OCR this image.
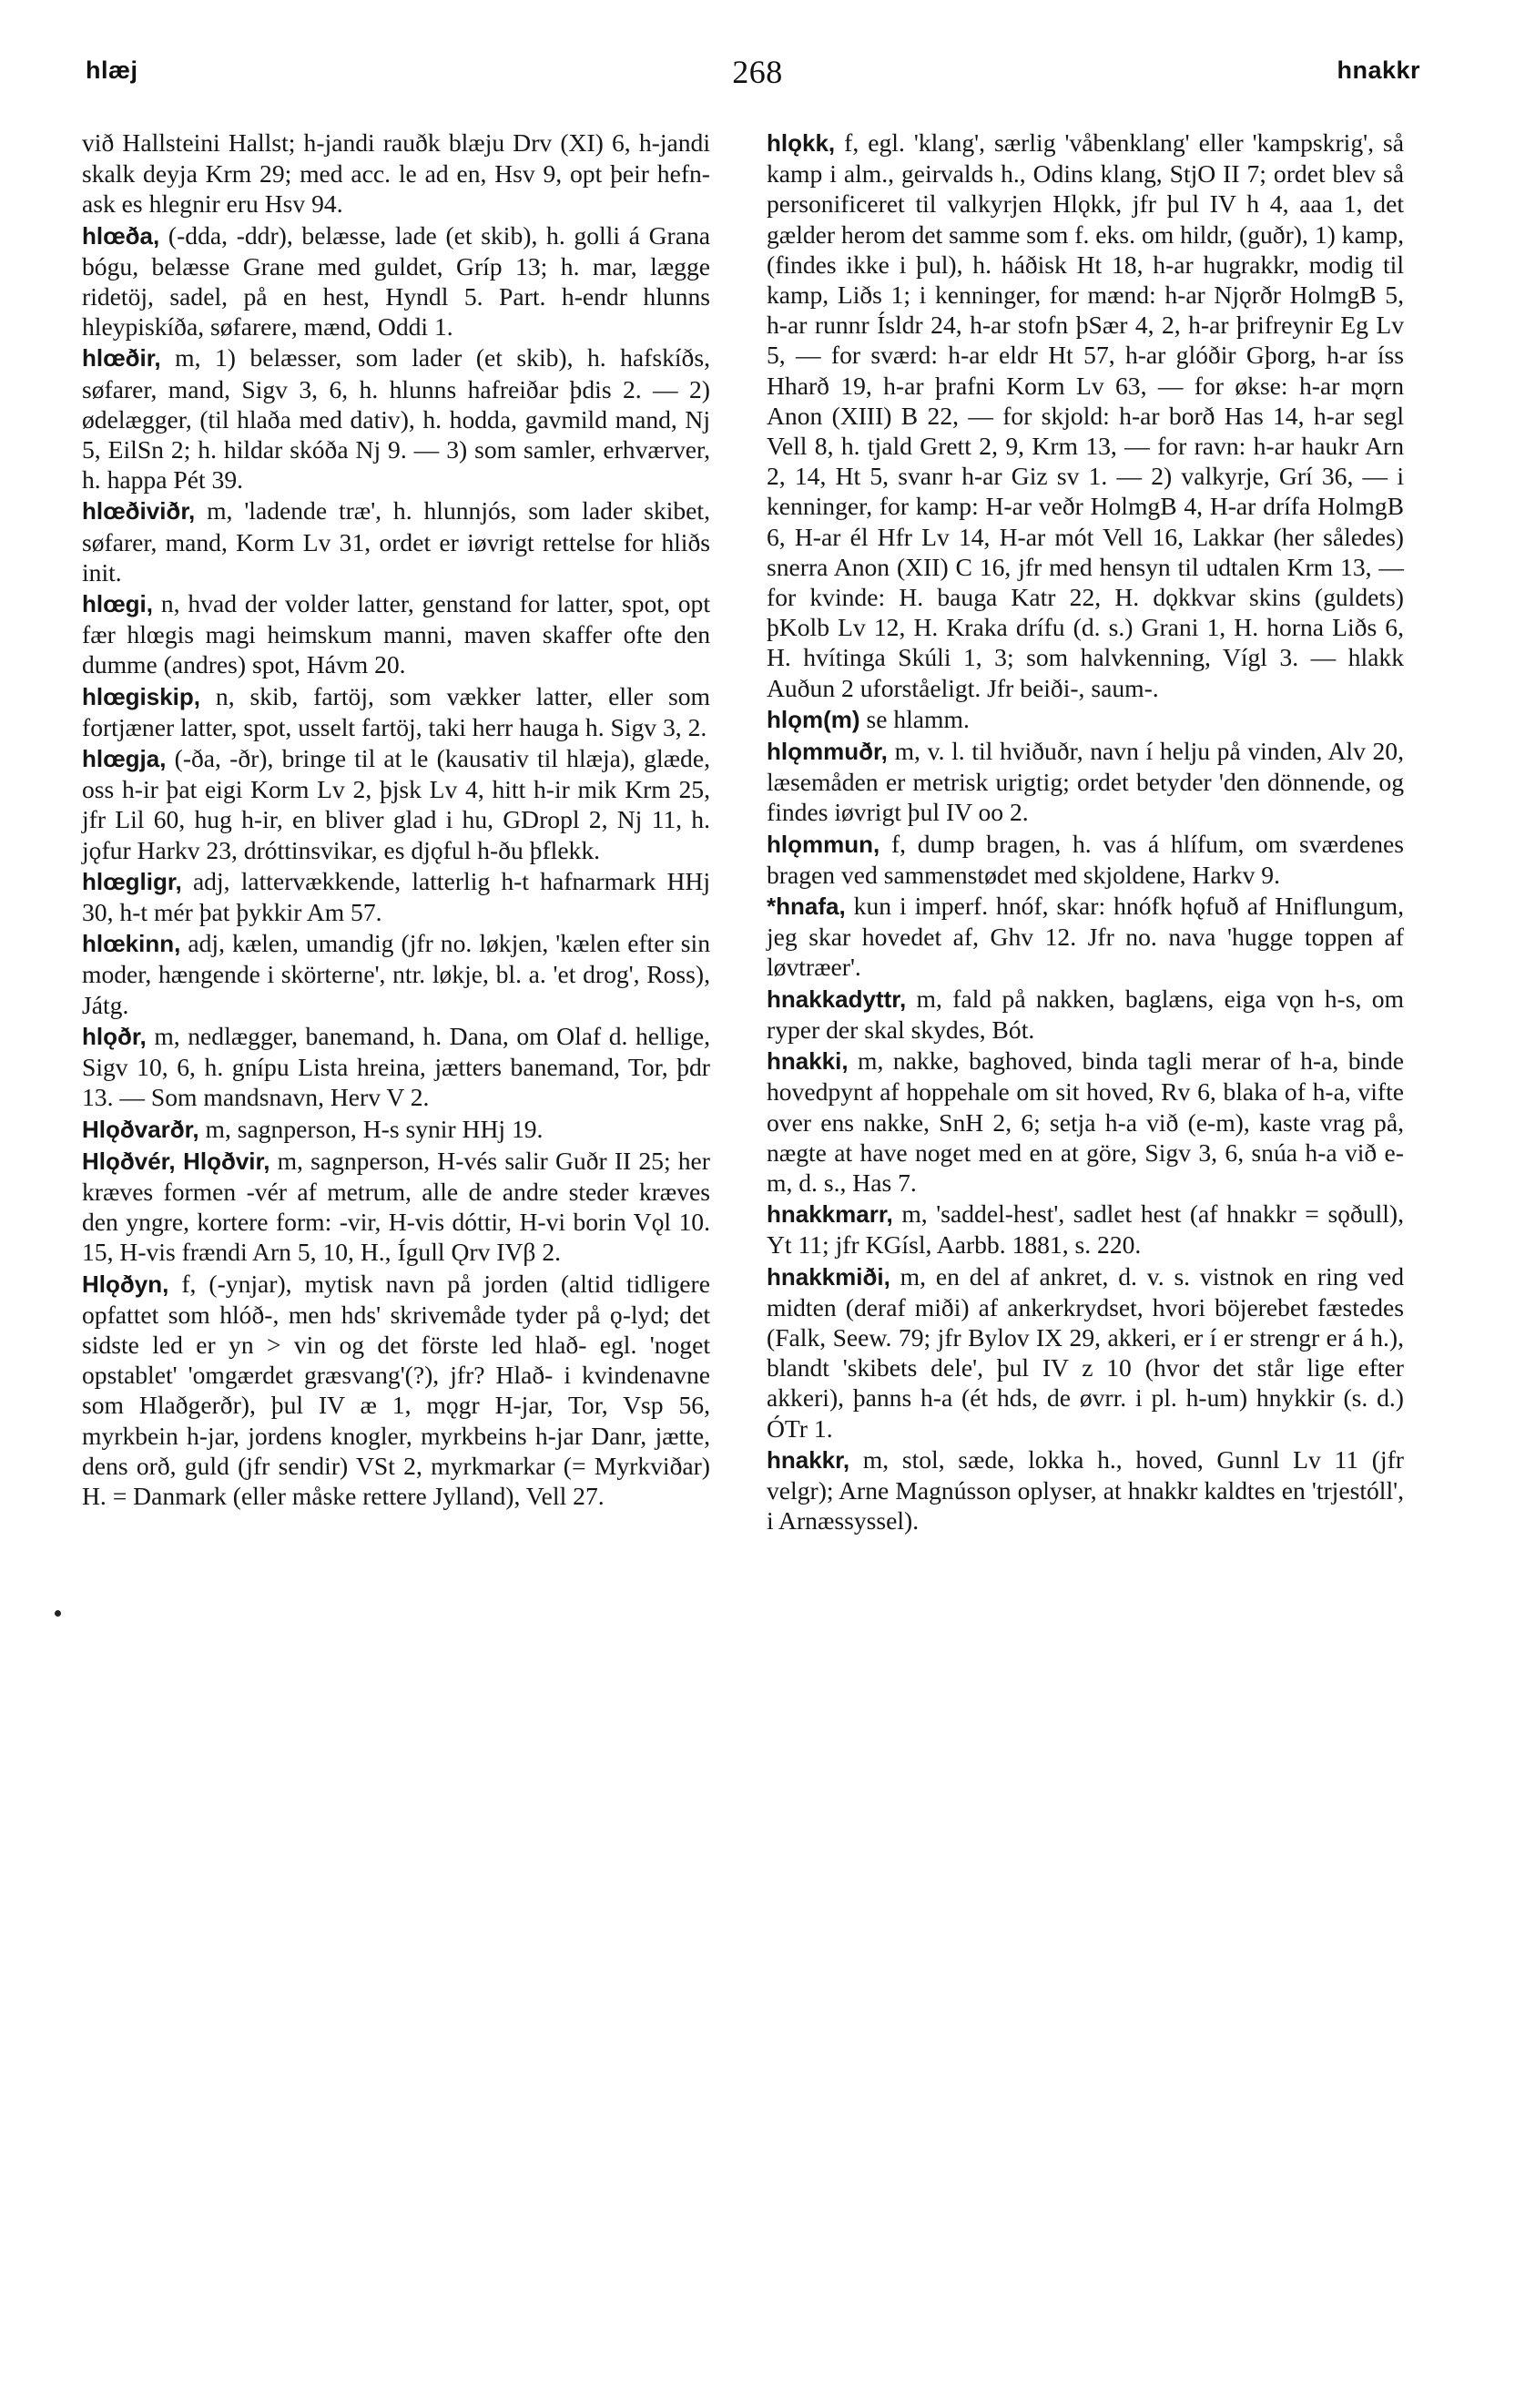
hlæj	268	hnakkr

við Hallsteini Hallst; h-jandi rauðk blæju Drv (XI) 6, h-jandi skalk deyja Krm 29; med acc. le ad en, Hsv 9, opt þeir hefn-ask es hlegnir eru Hsv 94.

hlœða, (-dda, -ddr), belæsse, lade (et skib), h. golli á Grana bógu, belæsse Grane med guldet, Gríp 13; h. mar, lægge ridetöj, sadel, på en hest, Hyndl 5. Part. h-endr hlunns hleypiskíða, søfarere, mænd, Oddi 1.

hlœðir, m, 1) belæsser, som lader (et skib), h. hafskíðs, søfarer, mand, Sigv 3, 6, h. hlunns hafreiðar þdis 2. — 2) ødelægger, (til hlaða med dativ), h. hodda, gavmild mand, Nj 5, EilSn 2; h. hildar skóða Nj 9. — 3) som samler, erhværver, h. happa Pét 39.

hlœðiviðr, m, 'ladende træ', h. hlunnjós, som lader skibet, søfarer, mand, Korm Lv 31, ordet er iøvrigt rettelse for hliðs init.

hlœgi, n, hvad der volder latter, genstand for latter, spot, opt fær hlœgis magi heimskum manni, maven skaffer ofte den dumme (andres) spot, Hávm 20.

hlœgiskip, n, skib, fartöj, som vækker latter, eller som fortjæner latter, spot, usselt fartöj, taki herr hauga h. Sigv 3, 2.

hlœgja, (-ða, -ðr), bringe til at le (kausativ til hlæja), glæde, oss h-ir þat eigi Korm Lv 2, þjsk Lv 4, hitt h-ir mik Krm 25, jfr Lil 60, hug h-ir, en bliver glad i hu, GDropl 2, Nj 11, h. jǫfur Harkv 23, dróttinsvikar, es djǫful h-ðu þflekk.

hlœgligr, adj, lattervækkende, latterlig h-t hafnarmark HHj 30, h-t mér þat þykkir Am 57.

hlœkinn, adj, kælen, umandig (jfr no. løkjen, 'kælen efter sin moder, hængende i skörterne', ntr. løkje, bl. a. 'et drog', Ross), Játg.

hlǫðr, m, nedlægger, banemand, h. Dana, om Olaf d. hellige, Sigv 10, 6, h. gnípu Lista hreina, jætters banemand, Tor, þdr 13. — Som mandsnavn, Herv V 2.

Hlǫðvarðr, m, sagnperson, H-s synir HHj 19.

Hlǫðvér, Hlǫðvir, m, sagnperson, H-vés salir Guðr II 25; her kræves formen -vér af metrum, alle de andre steder kræves den yngre, kortere form: -vir, H-vis dóttir, H-vi borin Vǫl 10. 15, H-vis frændi Arn 5, 10, H., Ígull Ǫrv IVβ 2.

Hlǫðyn, f, (-ynjar), mytisk navn på jorden (altid tidligere opfattet som hlóð-, men hds' skrivemåde tyder på ǫ-lyd; det sidste led er yn > vin og det förste led hlað- egl. 'noget opstablet' 'omgærdet græsvang'(?), jfr? Hlað- i kvindenavne som Hlaðgerðr), þul IV æ 1, mǫgr H-jar, Tor, Vsp 56, myrkbein h-jar, jordens knogler, myrkbeins h-jar Danr, jætte, dens orð, guld (jfr sendir) VSt 2, myrkmarkar (= Myrkviðar) H. = Danmark (eller måske rettere Jylland), Vell 27.

hlǫkk, f, egl. 'klang', særlig 'våbenklang' eller 'kampskrig', så kamp i alm., geirvalds h., Odins klang, StjO II 7; ordet blev så personificeret til valkyrjen Hlǫkk, jfr þul IV h 4, aaa 1, det gælder herom det samme som f. eks. om hildr, (guðr), 1) kamp, (findes ikke i þul), h. háðisk Ht 18, h-ar hugrakkr, modig til kamp, Liðs 1; i kenninger, for mænd: h-ar Njǫrðr HolmgB 5, h-ar runnr Ísldr 24, h-ar stofn þSær 4, 2, h-ar þrifreynir Eg Lv 5, — for sværd: h-ar eldr Ht 57, h-ar glóðir Gþorg, h-ar íss Hharð 19, h-ar þrafni Korm Lv 63, — for økse: h-ar mǫrn Anon (XIII) B 22, — for skjold: h-ar borð Has 14, h-ar segl Vell 8, h. tjald Grett 2, 9, Krm 13, — for ravn: h-ar haukr Arn 2, 14, Ht 5, svanr h-ar Giz sv 1. — 2) valkyrje, Grí 36, — i kenninger, for kamp: H-ar veðr HolmgB 4, H-ar drífa HolmgB 6, H-ar él Hfr Lv 14, H-ar mót Vell 16, Lakkar (her således) snerra Anon (XII) C 16, jfr med hensyn til udtalen Krm 13, — for kvinde: H. bauga Katr 22, H. dǫkkvar skins (guldets) þKolb Lv 12, H. Kraka drífu (d. s.) Grani 1, H. horna Liðs 6, H. hvítinga Skúli 1, 3; som halvkenning, Vígl 3. — hlakk Auðun 2 uforståeligt. Jfr beiði-, saum-.

hlǫm(m) se hlamm.

hlǫmmuðr, m, v. l. til hviðuðr, navn í helju på vinden, Alv 20, læsemåden er metrisk urigtig; ordet betyder 'den dönnende, og findes iøvrigt þul IV oo 2.

hlǫmmun, f, dump bragen, h. vas á hlífum, om sværdenes bragen ved sammenstødet med skjoldene, Harkv 9.

*hnafa, kun i imperf. hnóf, skar: hnófk hǫfuð af Hniflungum, jeg skar hovedet af, Ghv 12. Jfr no. nava 'hugge toppen af løvtræer'.

hnakkadyttr, m, fald på nakken, baglæns, eiga vǫn h-s, om ryper der skal skydes, Bót.

hnakki, m, nakke, baghoved, binda tagli merar of h-a, binde hovedpynt af hoppehale om sit hoved, Rv 6, blaka of h-a, vifte over ens nakke, SnH 2, 6; setja h-a við (e-m), kaste vrag på, nægte at have noget med en at göre, Sigv 3, 6, snúa h-a við e-m, d. s., Has 7.

hnakkmarr, m, 'saddel-hest', sadlet hest (af hnakkr = sǫðull), Yt 11; jfr KGísl, Aarbb. 1881, s. 220.

hnakkmiði, m, en del af ankret, d. v. s. vistnok en ring ved midten (deraf miði) af ankerkrydset, hvori böjerebet fæstedes (Falk, Seew. 79; jfr Bylov IX 29, akkeri, er í er strengr er á h.), blandt 'skibets dele', þul IV z 10 (hvor det står lige efter akkeri), þanns h-a (ét hds, de øvrr. i pl. h-um) hnykkir (s. d.) ÓTr 1.

hnakkr, m, stol, sæde, lokka h., hoved, Gunnl Lv 11 (jfr velgr); Arne Magnússon oplyser, at hnakkr kaldtes en 'trjestóll', i Arnæssyssel).
